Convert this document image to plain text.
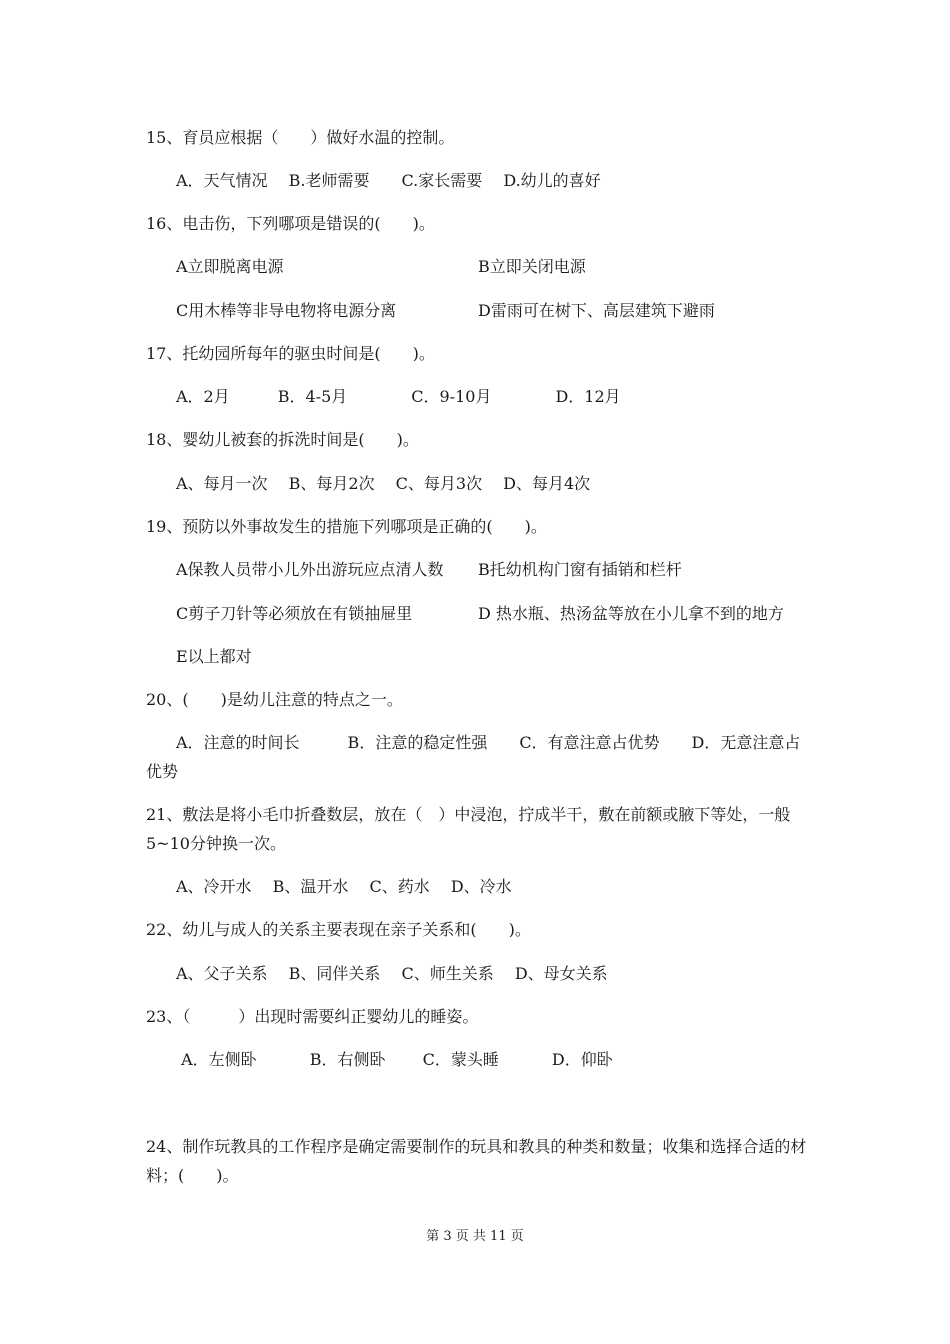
15、育员应根据（　　）做好水温的控制。
A．天气情况　 B.老师需要　　C.家长需要　 D.幼儿的喜好
16、电击伤，下列哪项是错误的(　　)。
A立即脱离电源	B立即关闭电源
C用木棒等非导电物将电源分离	D雷雨可在树下、高层建筑下避雨
17、托幼园所每年的驱虫时间是(　　)。
A．2月　　　B．4-5月　　　　C．9-10月　　　　D．12月
18、婴幼儿被套的拆洗时间是(　　)。
A、每月一次　 B、每月2次　 C、每月3次　 D、每月4次
19、预防以外事故发生的措施下列哪项是正确的(　　)。
A保教人员带小儿外出游玩应点清人数 B托幼机构门窗有插销和栏杆
C剪子刀针等必须放在有锁抽屉里	D 热水瓶、热汤盆等放在小儿拿不到的地方
E以上都对
20、(　　)是幼儿注意的特点之一。
A．注意的时间长　　　B．注意的稳定性强　　C．有意注意占优势　　D．无意注意占优势
21、敷法是将小毛巾折叠数层，放在（　）中浸泡，拧成半干，敷在前额或腋下等处，一般5~10分钟换一次。
A、冷开水　 B、温开水　 C、药水　 D、冷水
22、幼儿与成人的关系主要表现在亲子关系和(　　)。
A、父子关系　 B、同伴关系　 C、师生关系　 D、母女关系
23、（　　　）出现时需要纠正婴幼儿的睡姿。
A．左侧卧　　　 B．右侧卧　　 C．蒙头睡　　　 D．仰卧
24、制作玩教具的工作程序是确定需要制作的玩具和教具的种类和数量；收集和选择合适的材料；(　　)。
第 3 页 共 11 页
